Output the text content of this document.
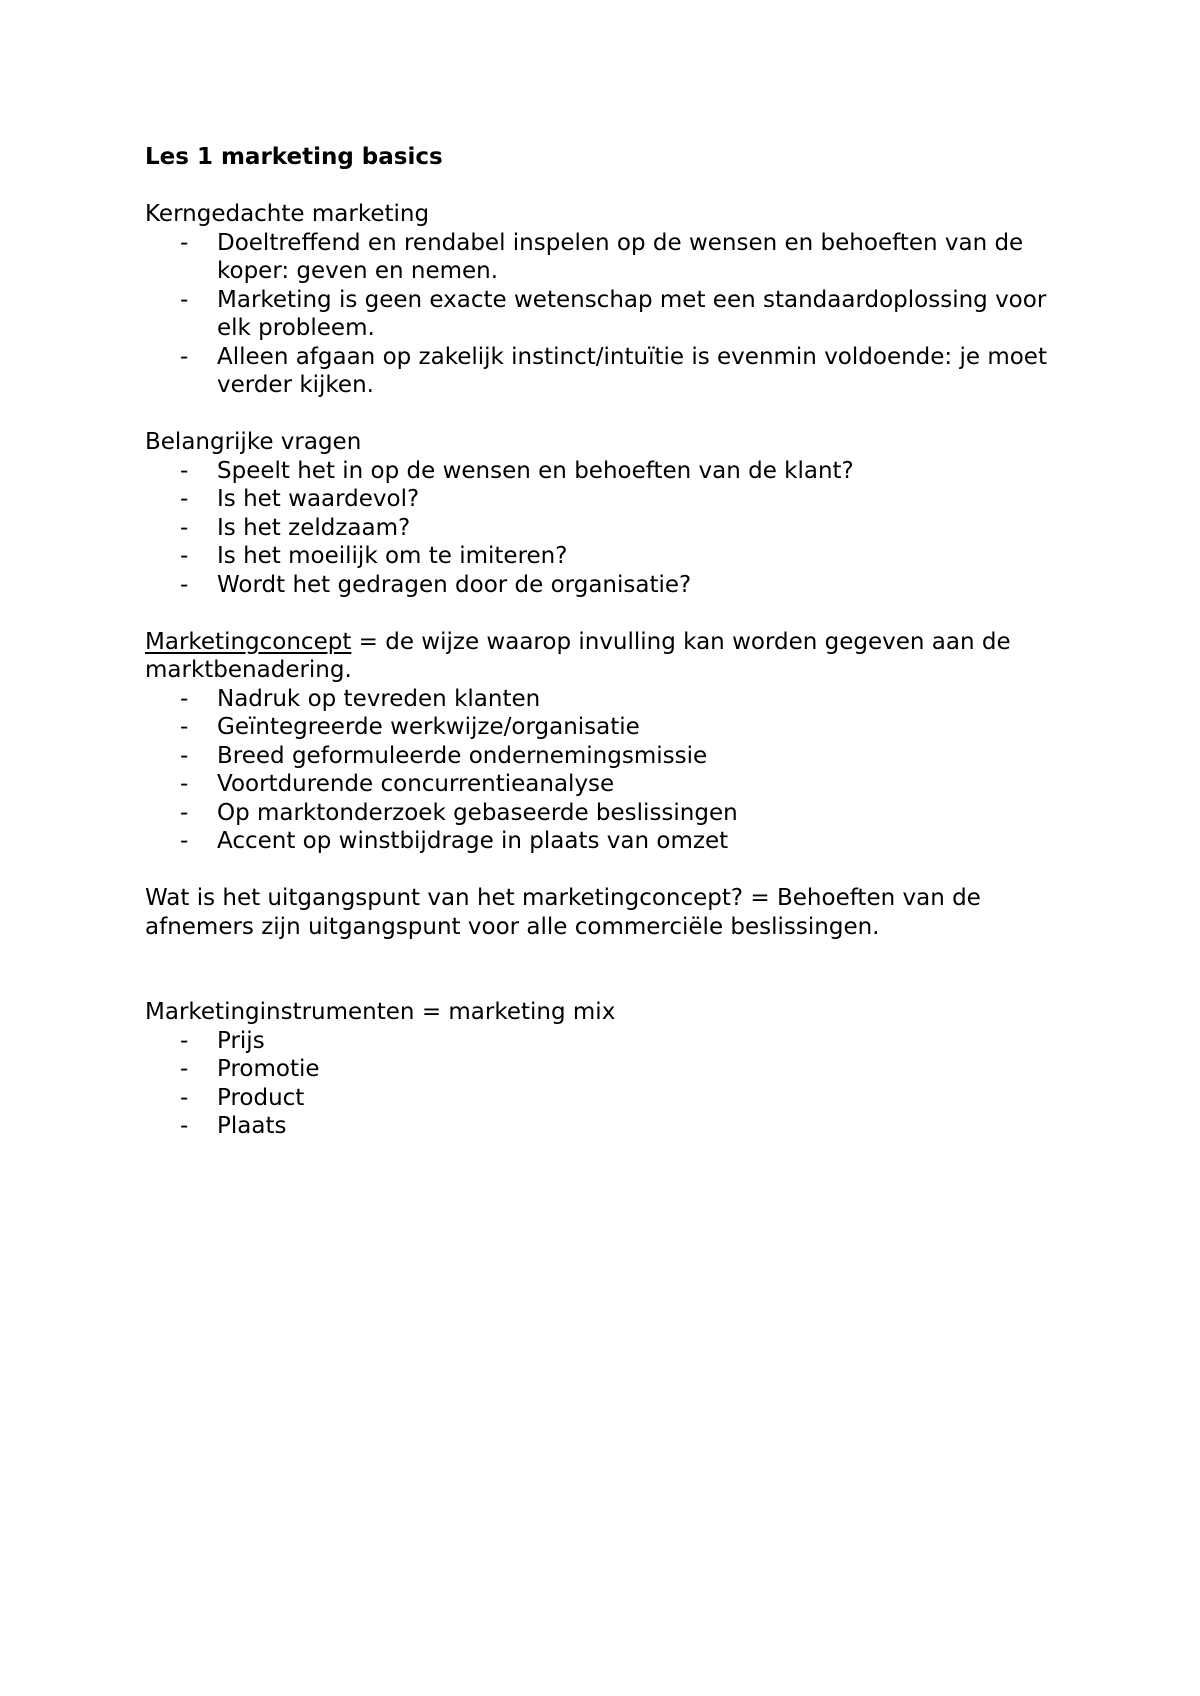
Les 1 marketing basics

Kerngedachte marketing

- Doeltreffend en rendabel inspelen op de wensen en behoeften van de koper: geven en nemen.
- Marketing is geen exacte wetenschap met een standaardoplossing voor elk probleem.
- Alleen afgaan op zakelijk instinct/intuïtie is evenmin voldoende: je moet verder kijken.

Belangrijke vragen

- Speelt het in op de wensen en behoeften van de klant?
- Is het waardevol?
- Is het zeldzaam?
- Is het moeilijk om te imiteren?
- Wordt het gedragen door de organisatie?

Marketingconcept = de wijze waarop invulling kan worden gegeven aan de marktbenadering.

- Nadruk op tevreden klanten
- Geïntegreerde werkwijze/organisatie
- Breed geformuleerde ondernemingsmissie
- Voortdurende concurrentieanalyse
- Op marktonderzoek gebaseerde beslissingen
- Accent op winstbijdrage in plaats van omzet

Wat is het uitgangspunt van het marketingconcept? = Behoeften van de afnemers zijn uitgangspunt voor alle commerciële beslissingen.

Marketinginstrumenten = marketing mix

- Prijs
- Promotie
- Product
- Plaats
